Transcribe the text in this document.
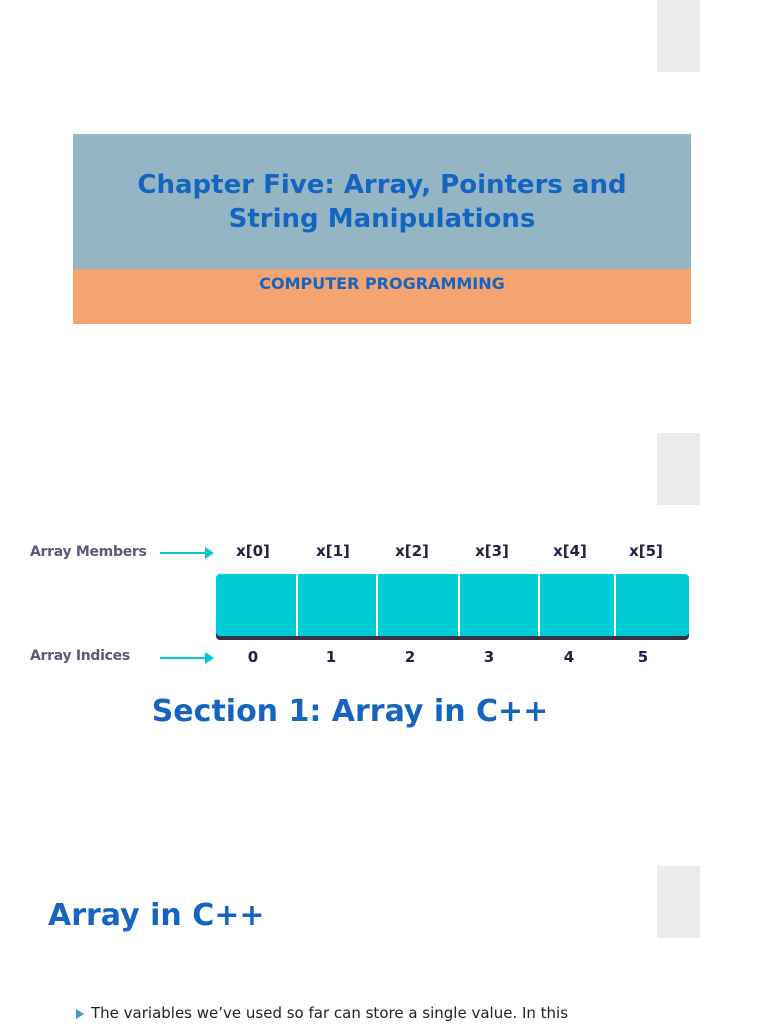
Chapter Five: Array, Pointers and String Manipulations
COMPUTER PROGRAMMING
Array Members	x[0]	x[1]	x[2]	x[3]	x[4]	x[5]
Array Indices	0	1	2	3	4	5
Section 1: Array in C++
Array in C++
The variables we’ve used so far can store a single value. In this
